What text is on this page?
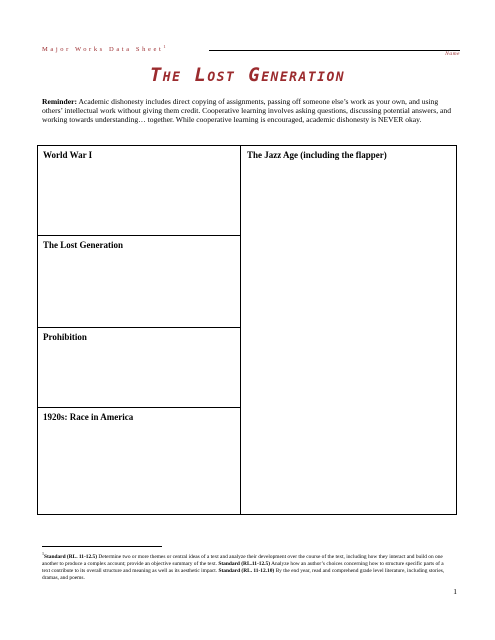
Major Works Data Sheet$^1$
Name
The Lost Generation
Reminder: Academic dishonesty includes direct copying of assignments, passing off someone else’s work as your own, and using others’ intellectual work without giving them credit. Cooperative learning involves asking questions, discussing potential answers, and working towards understanding… together. While cooperative learning is encouraged, academic dishonesty is NEVER okay.
World War I
The Lost Generation
Prohibition
1920s: Race in America
The Jazz Age (including the flapper)
$^1$Standard (RL. 11-12.5) Determine two or more themes or central ideas of a text and analyze their development over the course of the text, including how they interact and build on one another to produce a complex account; provide an objective summary of the text. Standard (RL.11-12.5) Analyze how an author’s choices concerning how to structure specific parts of a text contribute to its overall structure and meaning as well as its aesthetic impact. Standard (RL. 11-12.10) By the end year, read and comprehend grade level literature, including stories, dramas, and poems.
1
